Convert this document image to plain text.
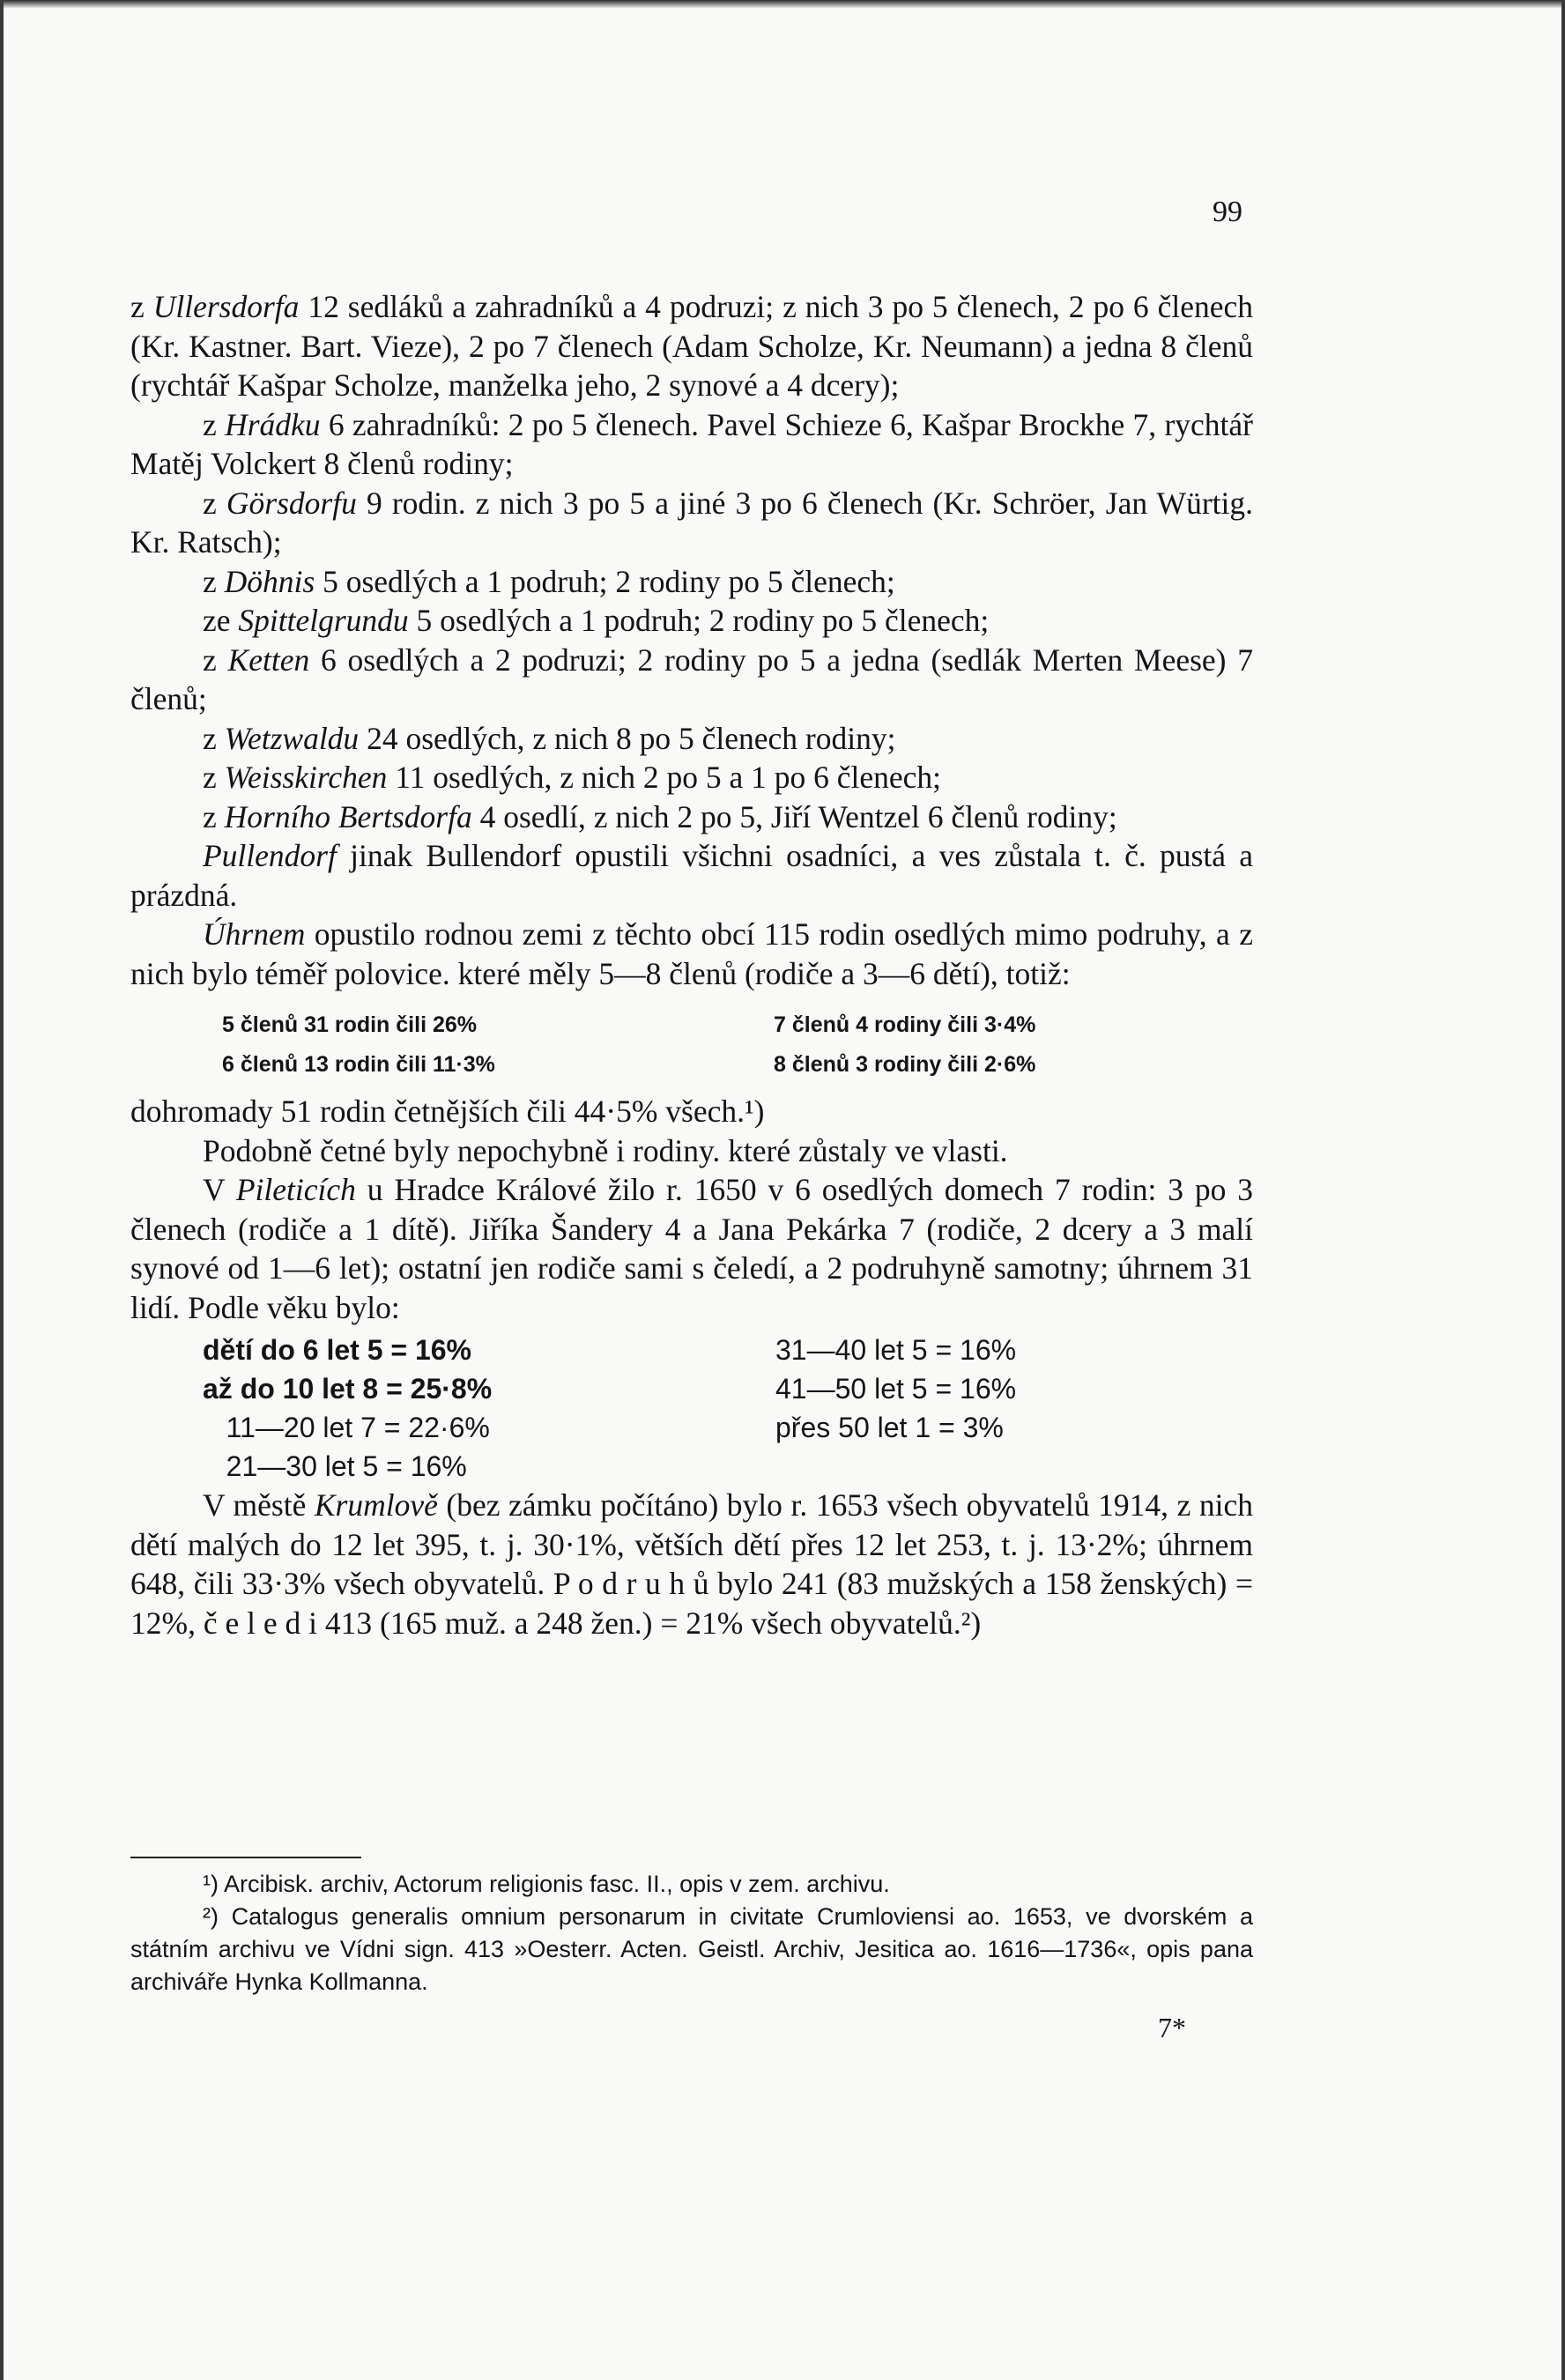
99

z Ullersdorfa 12 sedláků a zahradníků a 4 podruzi; z nich 3 po 5 členech, 2 po 6 členech (Kr. Kastner. Bart. Vieze), 2 po 7 členech (Adam Scholze, Kr. Neumann) a jedna 8 členů (rychtář Kašpar Scholze, manželka jeho, 2 synové a 4 dcery);

z Hrádku 6 zahradníků: 2 po 5 členech. Pavel Schieze 6, Kašpar Brockhe 7, rychtář Matěj Volckert 8 členů rodiny;

z Görsdorfu 9 rodin. z nich 3 po 5 a jiné 3 po 6 členech (Kr. Schröer, Jan Würtig. Kr. Ratsch);

z Döhnis 5 osedlých a 1 podruh; 2 rodiny po 5 členech;

ze Spittelgrundu 5 osedlých a 1 podruh; 2 rodiny po 5 členech;

z Ketten 6 osedlých a 2 podruzi; 2 rodiny po 5 a jedna (sedlák Merten Meese) 7 členů;

z Wetzwaldu 24 osedlých, z nich 8 po 5 členech rodiny;

z Weisskirchen 11 osedlých, z nich 2 po 5 a 1 po 6 členech;

z Horního Bertsdorfa 4 osedlí, z nich 2 po 5, Jiří Wentzel 6 členů rodiny;

Pullendorf jinak Bullendorf opustili všichni osadníci, a ves zůstala t. č. pustá a prázdná.

Úhrnem opustilo rodnou zemi z těchto obcí 115 rodin osedlých mimo podruhy, a z nich bylo téměř polovice. které měly 5—8 členů (rodiče a 3—6 dětí), totiž:

5 členů 31 rodin čili 26%	7 členů 4 rodiny čili 3·4%
6 členů 13 rodin čili 11·3%	8 členů 3 rodiny čili 2·6%

dohromady 51 rodin četnějších čili 44·5% všech.¹)

Podobně četné byly nepochybně i rodiny. které zůstaly ve vlasti.

V Pileticích u Hradce Králové žilo r. 1650 v 6 osedlých domech 7 rodin: 3 po 3 členech (rodiče a 1 dítě). Jiříka Šandery 4 a Jana Pekárka 7 (rodiče, 2 dcery a 3 malí synové od 1—6 let); ostatní jen rodiče sami s čeledí, a 2 podruhyně samotny; úhrnem 31 lidí. Podle věku bylo:

dětí do 6 let 5 = 16%	31—40 let 5 = 16%
až do 10 let 8 = 25·8%	41—50 let 5 = 16%
11—20 let 7 = 22·6%	přes 50 let 1 = 3%
21—30 let 5 = 16%

V městě Krumlově (bez zámku počítáno) bylo r. 1653 všech obyvatelů 1914, z nich dětí malých do 12 let 395, t. j. 30·1%, větších dětí přes 12 let 253, t. j. 13·2%; úhrnem 648, čili 33·3% všech obyvatelů. P o d r u h ů bylo 241 (83 mužských a 158 ženských) = 12%, č e l e d i 413 (165 muž. a 248 žen.) = 21% všech obyvatelů.²)

¹) Arcibisk. archiv, Actorum religionis fasc. II., opis v zem. archivu.

²) Catalogus generalis omnium personarum in civitate Crumloviensi ao. 1653, ve dvorském a státním archivu ve Vídni sign. 413 »Oesterr. Acten. Geistl. Archiv, Jesitica ao. 1616—1736«, opis pana archiváře Hynka Kollmanna.

7*
